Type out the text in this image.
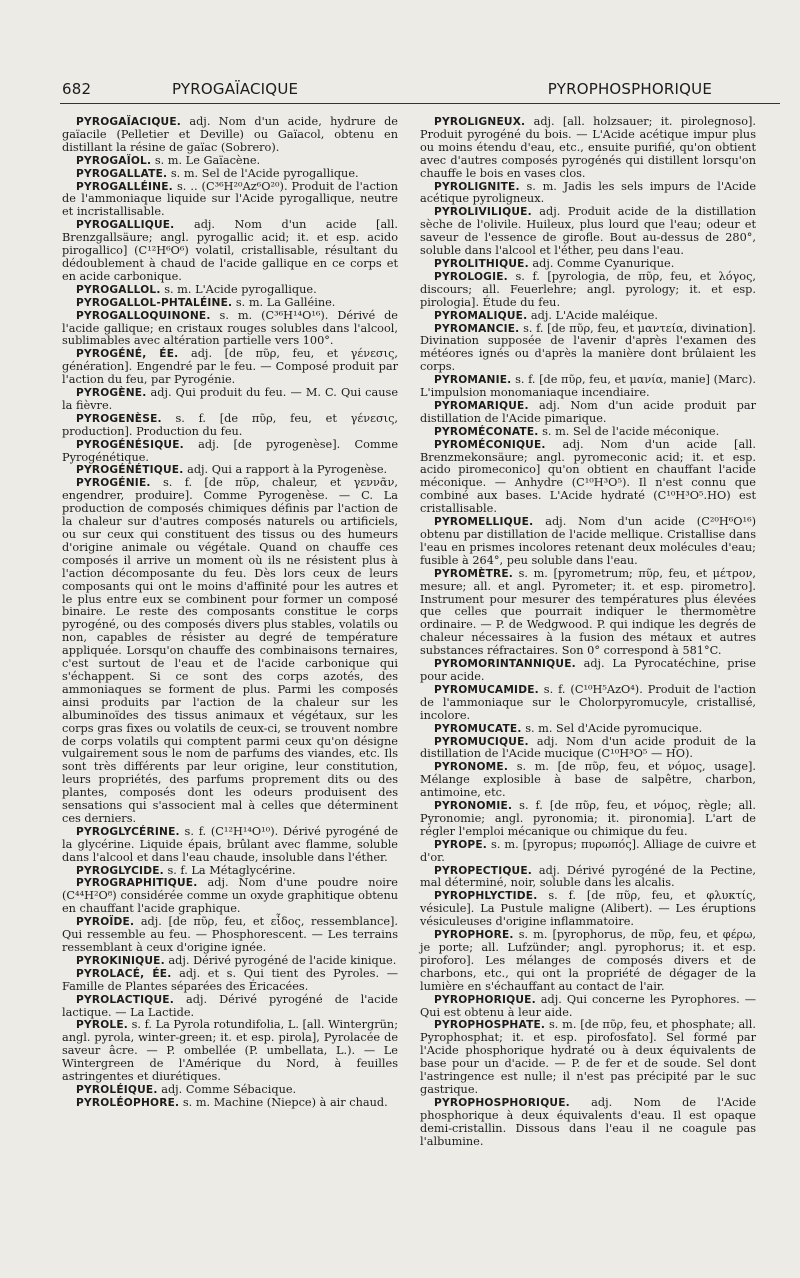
682	PYROGAÏACIQUE	PYROPHOSPHORIQUE

PYROGAÏACIQUE. adj. Nom d'un acide, hydrure de gaïacile (Pelletier et Deville) ou Gaïacol, obtenu en distillant la résine de gaïac (Sobrero).

PYROGAÏOL. s. m. Le Gaïacène.

PYROGALLATE. s. m. Sel de l'Acide pyrogallique.

PYROGALLÉINE. s. .. (C³⁶H²⁰Az⁶O²⁰). Produit de l'action de l'ammoniaque liquide sur l'Acide pyrogallique, neutre et incristallisable.

PYROGALLIQUE. adj. Nom d'un acide [all. Brenzgallsäure; angl. pyrogallic acid; it. et esp. acido pirogallico] (C¹²H⁶O⁶) volatil, cristallisable, résultant du dédoublement à chaud de l'acide gallique en ce corps et en acide carbonique.

PYROGALLOL. s. m. L'Acide pyrogallique.

PYROGALLOL-PHTALÉINE. s. m. La Galléine.

PYROGALLOQUINONE. s. m. (C³⁶H¹⁴O¹⁶). Dérivé de l'acide gallique; en cristaux rouges solubles dans l'alcool, sublimables avec altération partielle vers 100°.

PYROGÉNÉ, ÉE. adj. [de πῦρ, feu, et γένεσις, génération]. Engendré par le feu. — Composé produit par l'action du feu, par Pyrogénie.

PYROGÈNE. adj. Qui produit du feu. — M. C. Qui cause la fièvre.

PYROGENÈSE. s. f. [de πῦρ, feu, et γένεσις, production]. Production du feu.

PYROGÉNÉSIQUE. adj. [de pyrogenèse]. Comme Pyrogénétique.

PYROGÉNÉTIQUE. adj. Qui a rapport à la Pyrogenèse.

PYROGÉNIE. s. f. [de πῦρ, chaleur, et γεννᾶν, engendrer, produire]. Comme Pyrogenèse. — C. La production de composés chimiques définis par l'action de la chaleur sur d'autres composés naturels ou artificiels, ou sur ceux qui constituent des tissus ou des humeurs d'origine animale ou végétale. Quand on chauffe ces composés il arrive un moment où ils ne résistent plus à l'action décomposante du feu. Dès lors ceux de leurs composants qui ont le moins d'affinité pour les autres et le plus entre eux se combinent pour former un composé binaire. Le reste des composants constitue le corps pyrogéné, ou des composés divers plus stables, volatils ou non, capables de résister au degré de température appliquée. Lorsqu'on chauffe des combinaisons ternaires, c'est surtout de l'eau et de l'acide carbonique qui s'échappent. Si ce sont des corps azotés, des ammoniaques se forment de plus. Parmi les composés ainsi produits par l'action de la chaleur sur les albuminoïdes des tissus animaux et végétaux, sur les corps gras fixes ou volatils de ceux-ci, se trouvent nombre de corps volatils qui comptent parmi ceux qu'on désigne vulgairement sous le nom de parfums des viandes, etc. Ils sont très différents par leur origine, leur constitution, leurs propriétés, des parfums proprement dits ou des plantes, composés dont les odeurs produisent des sensations qui s'associent mal à celles que déterminent ces derniers.

PYROGLYCÉRINE. s. f. (C¹²H¹⁴O¹⁰). Dérivé pyrogéné de la glycérine. Liquide épais, brûlant avec flamme, soluble dans l'alcool et dans l'eau chaude, insoluble dans l'éther.

PYROGLYCIDE. s. f. La Métaglycérine.

PYROGRAPHITIQUE. adj. Nom d'une poudre noire (C⁴⁴H²O⁸) considérée comme un oxyde graphitique obtenu en chauffant l'acide graphique.

PYROÏDE. adj. [de πῦρ, feu, et εἶδος, ressemblance]. Qui ressemble au feu. — Phosphorescent. — Les terrains ressemblant à ceux d'origine ignée.

PYROKINIQUE. adj. Dérivé pyrogéné de l'acide kinique.

PYROLACÉ, ÉE. adj. et s. Qui tient des Pyroles. — Famille de Plantes séparées des Éricacées.

PYROLACTIQUE. adj. Dérivé pyrogéné de l'acide lactique. — La Lactide.

PYROLE. s. f. La Pyrola rotundifolia, L. [all. Wintergrün; angl. pyrola, winter-green; it. et esp. pirola], Pyrolacée de saveur âcre. — P. ombellée (P. umbellata, L.). — Le Wintergreen de l'Amérique du Nord, à feuilles astringentes et diurétiques.

PYROLÉIQUE. adj. Comme Sébacique.

PYROLÉOPHORE. s. m. Machine (Niepce) à air chaud.

PYROLIGNEUX. adj. [all. holzsauer; it. pirolegnoso]. Produit pyrogéné du bois. — L'Acide acétique impur plus ou moins étendu d'eau, etc., ensuite purifié, qu'on obtient avec d'autres composés pyrogénés qui distillent lorsqu'on chauffe le bois en vases clos.

PYROLIGNITE. s. m. Jadis les sels impurs de l'Acide acétique pyroligneux.

PYROLIVILIQUE. adj. Produit acide de la distillation sèche de l'olivile. Huileux, plus lourd que l'eau; odeur et saveur de l'essence de girofle. Bout au-dessus de 280°, soluble dans l'alcool et l'éther, peu dans l'eau.

PYROLITHIQUE. adj. Comme Cyanurique.

PYROLOGIE. s. f. [pyrologia, de πῦρ, feu, et λόγος, discours; all. Feuerlehre; angl. pyrology; it. et esp. pirologia]. Étude du feu.

PYROMALIQUE. adj. L'Acide maléique.

PYROMANCIE. s. f. [de πῦρ, feu, et μαντεία, divination]. Divination supposée de l'avenir d'après l'examen des météores ignés ou d'après la manière dont brûlaient les corps.

PYROMANIE. s. f. [de πῦρ, feu, et μανία, manie] (Marc). L'impulsion monomaniaque incendiaire.

PYROMARIQUE. adj. Nom d'un acide produit par distillation de l'Acide pimarique.

PYROMÉCONATE. s. m. Sel de l'acide méconique.

PYROMÉCONIQUE. adj. Nom d'un acide [all. Brenzmekonsäure; angl. pyromeconic acid; it. et esp. acido piromeconico] qu'on obtient en chauffant l'acide méconique. — Anhydre (C¹⁰H³O⁵). Il n'est connu que combiné aux bases. L'Acide hydraté (C¹⁰H³O⁵.HO) est cristallisable.

PYROMELLIQUE. adj. Nom d'un acide (C²⁰H⁶O¹⁶) obtenu par distillation de l'acide mellique. Cristallise dans l'eau en prismes incolores retenant deux molécules d'eau; fusible à 264°, peu soluble dans l'eau.

PYROMÈTRE. s. m. [pyrometrum; πῦρ, feu, et μέτρον, mesure; all. et angl. Pyrometer; it. et esp. pirometro]. Instrument pour mesurer des températures plus élevées que celles que pourrait indiquer le thermomètre ordinaire. — P. de Wedgwood. P. qui indique les degrés de chaleur nécessaires à la fusion des métaux et autres substances réfractaires. Son 0° correspond à 581°C.

PYROMORINTANNIQUE. adj. La Pyrocatéchine, prise pour acide.

PYROMUCAMIDE. s. f. (C¹⁰H⁵AzO⁴). Produit de l'action de l'ammoniaque sur le Cholorpyromucyle, cristallisé, incolore.

PYROMUCATE. s. m. Sel d'Acide pyromucique.

PYROMUCIQUE. adj. Nom d'un acide produit de la distillation de l'Acide mucique (C¹⁰H³O⁵ — HO).

PYRONOME. s. m. [de πῦρ, feu, et νόμος, usage]. Mélange explosible à base de salpêtre, charbon, antimoine, etc.

PYRONOMIE. s. f. [de πῦρ, feu, et νόμος, règle; all. Pyronomie; angl. pyronomia; it. pironomia]. L'art de régler l'emploi mécanique ou chimique du feu.

PYROPE. s. m. [pyropus; πυρωπός]. Alliage de cuivre et d'or.

PYROPECTIQUE. adj. Dérivé pyrogéné de la Pectine, mal déterminé, noir, soluble dans les alcalis.

PYROPHLYCTIDE. s. f. [de πῦρ, feu, et φλυκτίς, vésicule]. La Pustule maligne (Alibert). — Les éruptions vésiculeuses d'origine inflammatoire.

PYROPHORE. s. m. [pyrophorus, de πῦρ, feu, et φέρω, je porte; all. Lufzünder; angl. pyrophorus; it. et esp. piroforo]. Les mélanges de composés divers et de charbons, etc., qui ont la propriété de dégager de la lumière en s'échauffant au contact de l'air.

PYROPHORIQUE. adj. Qui concerne les Pyrophores. — Qui est obtenu à leur aide.

PYROPHOSPHATE. s. m. [de πῦρ, feu, et phosphate; all. Pyrophosphat; it. et esp. pirofosfato]. Sel formé par l'Acide phosphorique hydraté ou à deux équivalents de base pour un d'acide. — P. de fer et de soude. Sel dont l'astringence est nulle; il n'est pas précipité par le suc gastrique.

PYROPHOSPHORIQUE. adj. Nom de l'Acide phosphorique à deux équivalents d'eau. Il est opaque demi-cristallin. Dissous dans l'eau il ne coagule pas l'albumine.
